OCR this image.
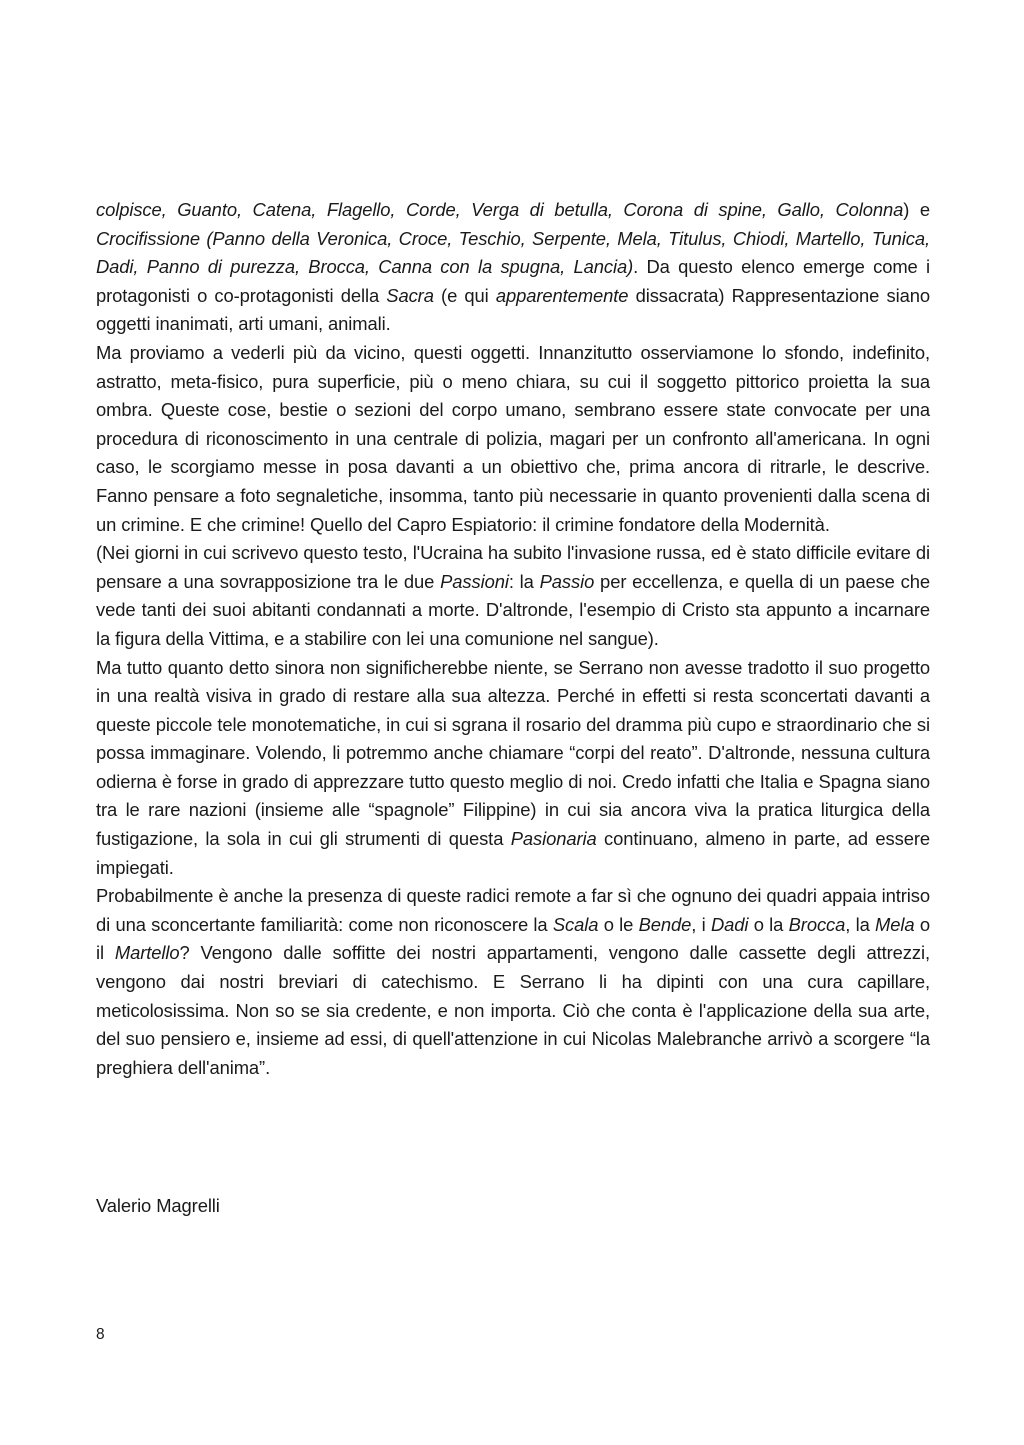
colpisce, Guanto, Catena, Flagello, Corde, Verga di betulla, Corona di spine, Gallo, Colonna) e Crocifissione (Panno della Veronica, Croce, Teschio, Serpente, Mela, Titulus, Chiodi, Martello, Tunica, Dadi, Panno di purezza, Brocca, Canna con la spugna, Lancia). Da questo elenco emerge come i protagonisti o co-protagonisti della Sacra (e qui apparentemente dissacrata) Rappresentazione siano oggetti inanimati, arti umani, animali.

Ma proviamo a vederli più da vicino, questi oggetti. Innanzitutto osserviamone lo sfondo, indefinito, astratto, meta-fisico, pura superficie, più o meno chiara, su cui il soggetto pittorico proietta la sua ombra. Queste cose, bestie o sezioni del corpo umano, sembrano essere state convocate per una procedura di riconoscimento in una centrale di polizia, magari per un confronto all'americana. In ogni caso, le scorgiamo messe in posa davanti a un obiettivo che, prima ancora di ritrarle, le descrive. Fanno pensare a foto segnaletiche, insomma, tanto più necessarie in quanto provenienti dalla scena di un crimine. E che crimine! Quello del Capro Espiatorio: il crimine fondatore della Modernità.

(Nei giorni in cui scrivevo questo testo, l'Ucraina ha subito l'invasione russa, ed è stato difficile evitare di pensare a una sovrapposizione tra le due Passioni: la Passio per eccellenza, e quella di un paese che vede tanti dei suoi abitanti condannati a morte. D'altronde, l'esempio di Cristo sta appunto a incarnare la figura della Vittima, e a stabilire con lei una comunione nel sangue).

Ma tutto quanto detto sinora non significherebbe niente, se Serrano non avesse tradotto il suo progetto in una realtà visiva in grado di restare alla sua altezza. Perché in effetti si resta sconcertati davanti a queste piccole tele monotematiche, in cui si sgrana il rosario del dramma più cupo e straordinario che si possa immaginare. Volendo, li potremmo anche chiamare “corpi del reato”. D'altronde, nessuna cultura odierna è forse in grado di apprezzare tutto questo meglio di noi. Credo infatti che Italia e Spagna siano tra le rare nazioni (insieme alle “spagnole” Filippine) in cui sia ancora viva la pratica liturgica della fustigazione, la sola in cui gli strumenti di questa Pasionaria continuano, almeno in parte, ad essere impiegati.

Probabilmente è anche la presenza di queste radici remote a far sì che ognuno dei quadri appaia intriso di una sconcertante familiarità: come non riconoscere la Scala o le Bende, i Dadi o la Brocca, la Mela o il Martello? Vengono dalle soffitte dei nostri appartamenti, vengono dalle cassette degli attrezzi, vengono dai nostri breviari di catechismo. E Serrano li ha dipinti con una cura capillare, meticolosissima. Non so se sia credente, e non importa. Ciò che conta è l'applicazione della sua arte, del suo pensiero e, insieme ad essi, di quell'attenzione in cui Nicolas Malebranche arrivò a scorgere “la preghiera dell'anima”.

Valerio Magrelli
8
